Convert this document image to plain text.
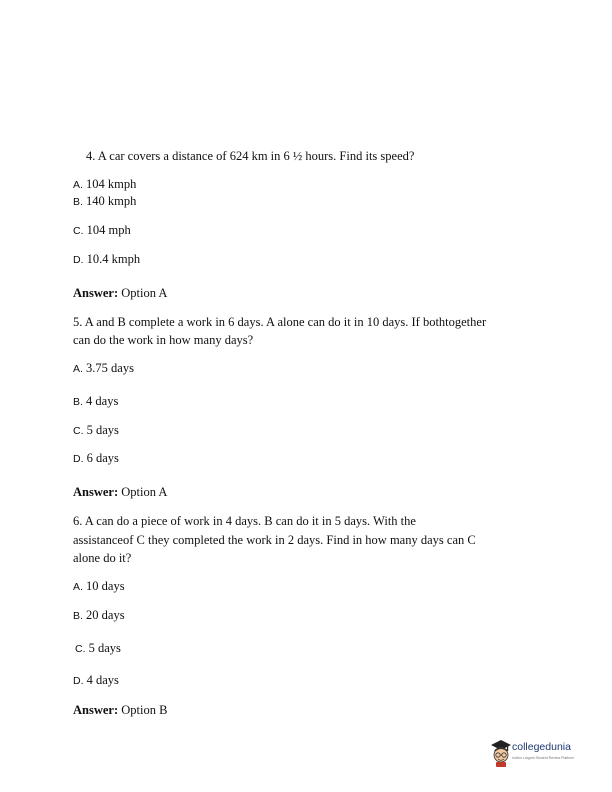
4. A car covers a distance of 624 km in 6 ½ hours. Find its speed?
A. 104 kmph
B. 140 kmph
C. 104 mph
D. 10.4 kmph
Answer: Option A
5. A and B complete a work in 6 days. A alone can do it in 10 days. If bothtogether
can do the work in how many days?
A. 3.75 days
B. 4 days
C. 5 days
D. 6 days
Answer: Option A
6. A can do a piece of work in 4 days. B can do it in 5 days. With the
assistanceof C they completed the work in 2 days. Find in how many days can C
alone do it?
A. 10 days
B. 20 days
C. 5 days
D. 4 days
Answer: Option B
collegedunia
India's Largest Student Review Platform
